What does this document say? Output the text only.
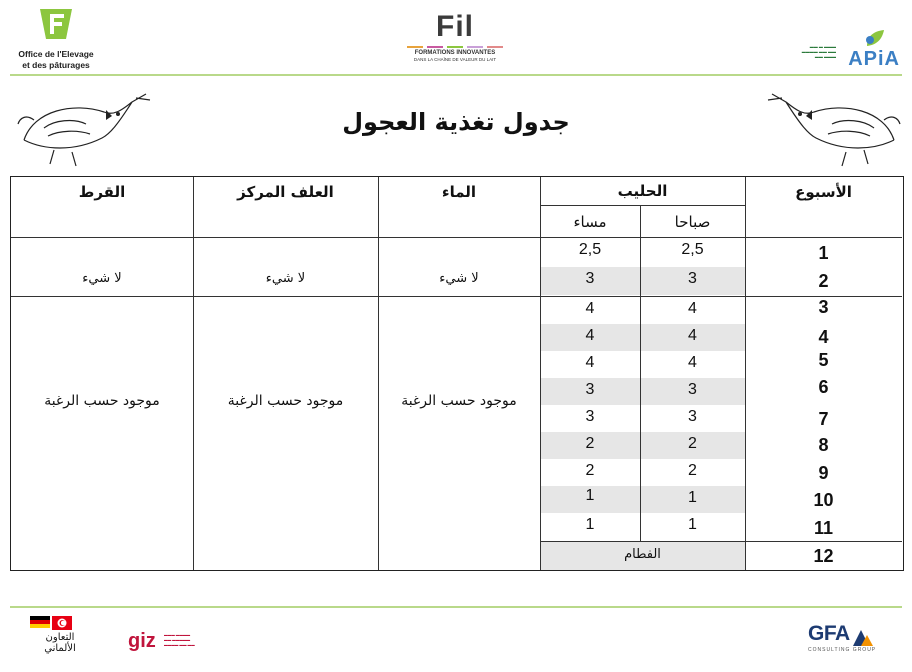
Office de l'Elevage
et des pâturages
Fil
FORMATIONS INNOVANTES
DANS LA CHAÎNE DE VALEUR DU LAIT
▬▬ ▬ ▬▬▬
▬▬▬▬ ▬▬ ▬▬
▬▬ ▬▬▬ APiA
جدول تغذية العجول
الأسبوع
الحليب
صباحا
مساء
الماء
العلف المركز
القرط
لا شيء
لا شيء
لا شيء
موجود حسب الرغبة
موجود حسب الرغبة
موجود حسب الرغبة
1
2
3
4
5
6
7
8
9
10
11
12
2,5
3
4
4
4
3
3
2
2
1
1
2,5
3
4
4
4
3
3
2
2
1
1
الفطام
التعاون الألماني	giz ▬▬▬ ▬▬▬▬
▬▬ ▬▬▬▬▬
▬▬▬▬ ▬▬ ▬▬	GFA
CONSULTING GROUP
